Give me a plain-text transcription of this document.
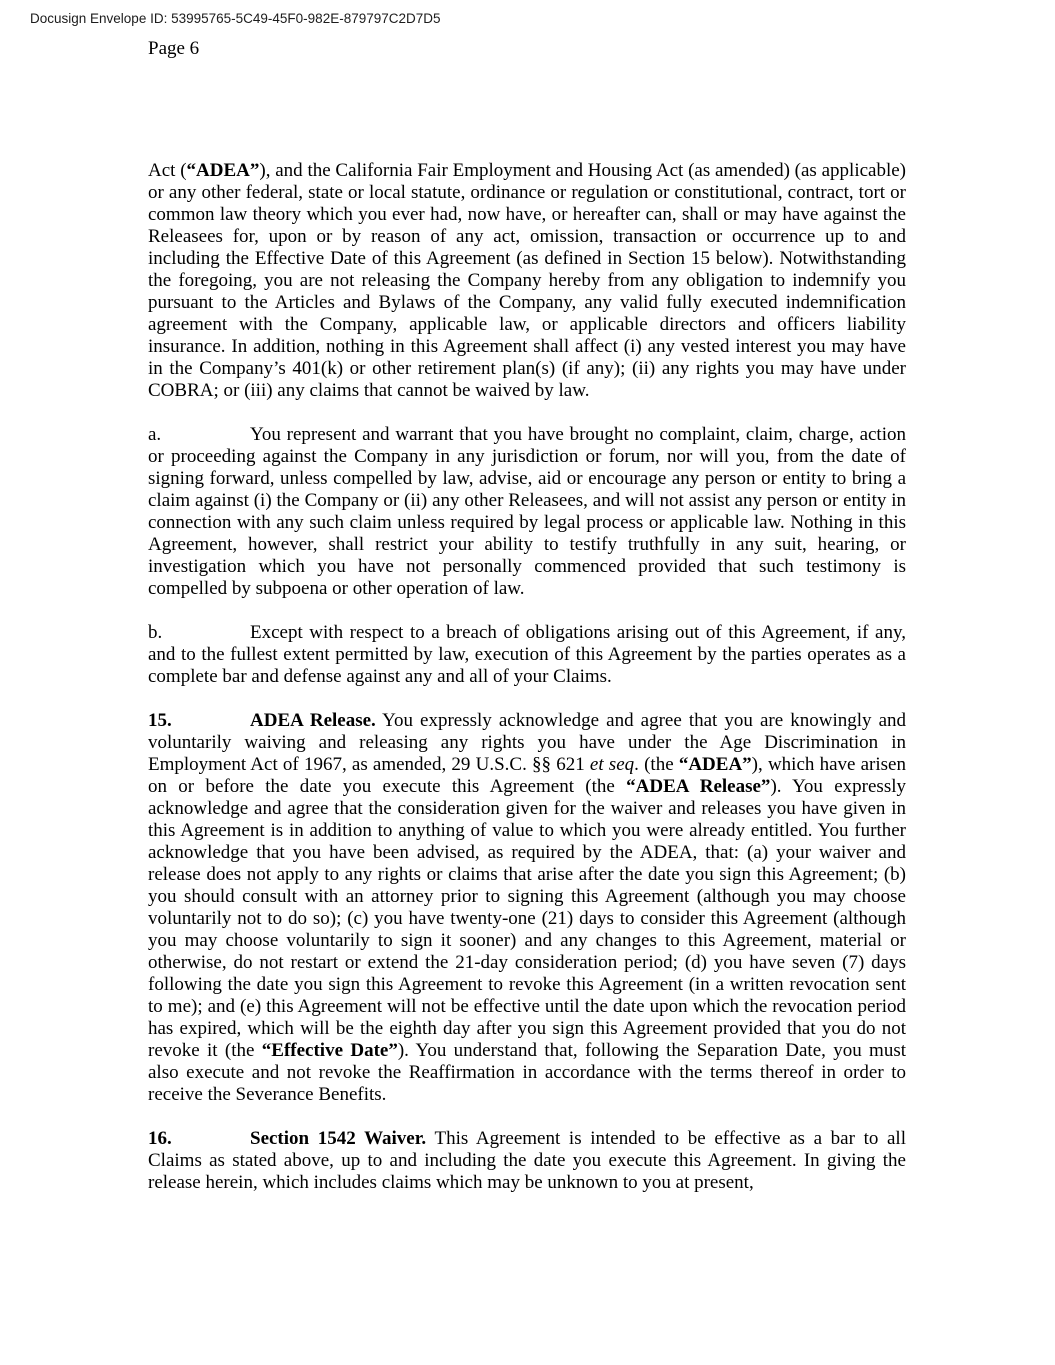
Docusign Envelope ID: 53995765-5C49-45F0-982E-879797C2D7D5
Page 6

Act (“ADEA”), and the California Fair Employment and Housing Act (as amended) (as applicable) or any other federal, state or local statute, ordinance or regulation or constitutional, contract, tort or common law theory which you ever had, now have, or hereafter can, shall or may have against the Releasees for, upon or by reason of any act, omission, transaction or occurrence up to and including the Effective Date of this Agreement (as defined in Section 15 below). Notwithstanding the foregoing, you are not releasing the Company hereby from any obligation to indemnify you pursuant to the Articles and Bylaws of the Company, any valid fully executed indemnification agreement with the Company, applicable law, or applicable directors and officers liability insurance. In addition, nothing in this Agreement shall affect (i) any vested interest you may have in the Company’s 401(k) or other retirement plan(s) (if any); (ii) any rights you may have under COBRA; or (iii) any claims that cannot be waived by law.

a.	You represent and warrant that you have brought no complaint, claim, charge, action or proceeding against the Company in any jurisdiction or forum, nor will you, from the date of signing forward, unless compelled by law, advise, aid or encourage any person or entity to bring a claim against (i) the Company or (ii) any other Releasees, and will not assist any person or entity in connection with any such claim unless required by legal process or applicable law. Nothing in this Agreement, however, shall restrict your ability to testify truthfully in any suit, hearing, or investigation which you have not personally commenced provided that such testimony is compelled by subpoena or other operation of law.

b.	Except with respect to a breach of obligations arising out of this Agreement, if any, and to the fullest extent permitted by law, execution of this Agreement by the parties operates as a complete bar and defense against any and all of your Claims.

15.	ADEA Release. You expressly acknowledge and agree that you are knowingly and voluntarily waiving and releasing any rights you have under the Age Discrimination in Employment Act of 1967, as amended, 29 U.S.C. §§ 621 et seq. (the “ADEA”), which have arisen on or before the date you execute this Agreement (the “ADEA Release”). You expressly acknowledge and agree that the consideration given for the waiver and releases you have given in this Agreement is in addition to anything of value to which you were already entitled. You further acknowledge that you have been advised, as required by the ADEA, that: (a) your waiver and release does not apply to any rights or claims that arise after the date you sign this Agreement; (b) you should consult with an attorney prior to signing this Agreement (although you may choose voluntarily not to do so); (c) you have twenty-one (21) days to consider this Agreement (although you may choose voluntarily to sign it sooner) and any changes to this Agreement, material or otherwise, do not restart or extend the 21-day consideration period; (d) you have seven (7) days following the date you sign this Agreement to revoke this Agreement (in a written revocation sent to me); and (e) this Agreement will not be effective until the date upon which the revocation period has expired, which will be the eighth day after you sign this Agreement provided that you do not revoke it (the “Effective Date”). You understand that, following the Separation Date, you must also execute and not revoke the Reaffirmation in accordance with the terms thereof in order to receive the Severance Benefits.

16.	Section 1542 Waiver. This Agreement is intended to be effective as a bar to all Claims as stated above, up to and including the date you execute this Agreement. In giving the release herein, which includes claims which may be unknown to you at present,
